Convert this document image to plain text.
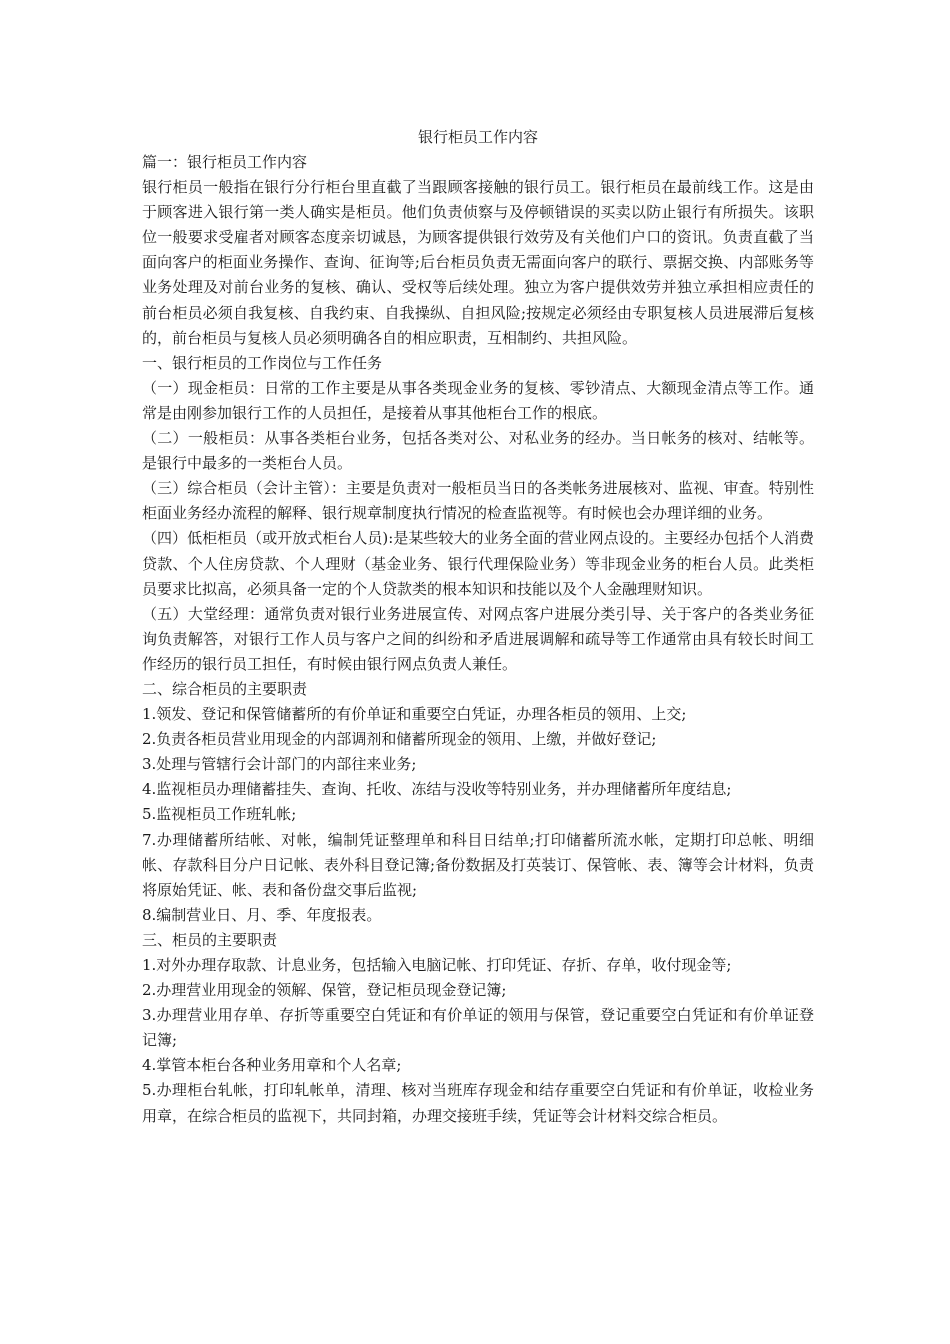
银行柜员工作内容

篇一：银行柜员工作内容

银行柜员一般指在银行分行柜台里直截了当跟顾客接触的银行员工。银行柜员在最前线工作。这是由于顾客进入银行第一类人确实是柜员。他们负责侦察与及停顿错误的买卖以防止银行有所损失。该职位一般要求受雇者对顾客态度亲切诚恳，为顾客提供银行效劳及有关他们户口的资讯。负责直截了当面向客户的柜面业务操作、查询、征询等;后台柜员负责无需面向客户的联行、票据交换、内部账务等业务处理及对前台业务的复核、确认、受权等后续处理。独立为客户提供效劳并独立承担相应责任的前台柜员必须自我复核、自我约束、自我操纵、自担风险;按规定必须经由专职复核人员进展滞后复核的，前台柜员与复核人员必须明确各自的相应职责，互相制约、共担风险。

一、银行柜员的工作岗位与工作任务

（一）现金柜员：日常的工作主要是从事各类现金业务的复核、零钞清点、大额现金清点等工作。通常是由刚参加银行工作的人员担任，是接着从事其他柜台工作的根底。

（二）一般柜员：从事各类柜台业务，包括各类对公、对私业务的经办。当日帐务的核对、结帐等。是银行中最多的一类柜台人员。

（三）综合柜员（会计主管）：主要是负责对一般柜员当日的各类帐务进展核对、监视、审查。特别性柜面业务经办流程的解释、银行规章制度执行情况的检查监视等。有时候也会办理详细的业务。

（四）低柜柜员（或开放式柜台人员):是某些较大的业务全面的营业网点设的。主要经办包括个人消费贷款、个人住房贷款、个人理财（基金业务、银行代理保险业务）等非现金业务的柜台人员。此类柜员要求比拟高，必须具备一定的个人贷款类的根本知识和技能以及个人金融理财知识。

（五）大堂经理：通常负责对银行业务进展宣传、对网点客户进展分类引导、关于客户的各类业务征询负责解答，对银行工作人员与客户之间的纠纷和矛盾进展调解和疏导等工作通常由具有较长时间工作经历的银行员工担任，有时候由银行网点负责人兼任。

二、综合柜员的主要职责

1.领发、登记和保管储蓄所的有价单证和重要空白凭证，办理各柜员的领用、上交;

2.负责各柜员营业用现金的内部调剂和储蓄所现金的领用、上缴，并做好登记;

3.处理与管辖行会计部门的内部往来业务;

4.监视柜员办理储蓄挂失、查询、托收、冻结与没收等特别业务，并办理储蓄所年度结息;

5.监视柜员工作班轧帐;

7.办理储蓄所结帐、对帐，编制凭证整理单和科目日结单;打印储蓄所流水帐，定期打印总帐、明细帐、存款科目分户日记帐、表外科目登记簿;备份数据及打英装订、保管帐、表、簿等会计材料，负责将原始凭证、帐、表和备份盘交事后监视;

8.编制营业日、月、季、年度报表。

三、柜员的主要职责

1.对外办理存取款、计息业务，包括输入电脑记帐、打印凭证、存折、存单，收付现金等;

2.办理营业用现金的领解、保管，登记柜员现金登记簿;

3.办理营业用存单、存折等重要空白凭证和有价单证的领用与保管，登记重要空白凭证和有价单证登记簿;

4.掌管本柜台各种业务用章和个人名章;

5.办理柜台轧帐，打印轧帐单，清理、核对当班库存现金和结存重要空白凭证和有价单证，收检业务用章，在综合柜员的监视下，共同封箱，办理交接班手续，凭证等会计材料交综合柜员。
